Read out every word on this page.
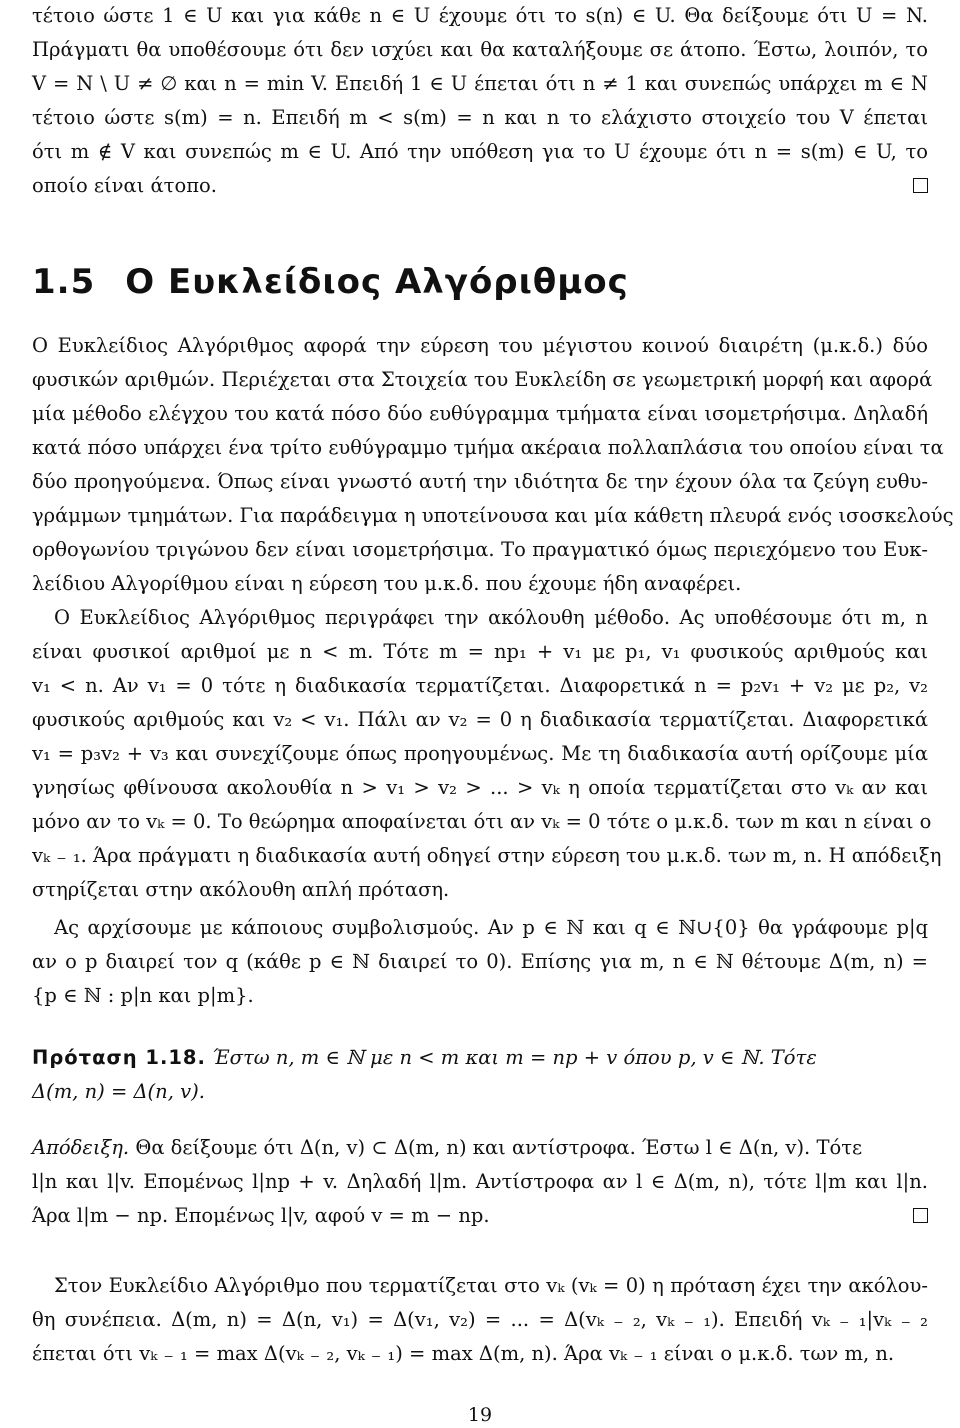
τέτοιο ώστε 1 ∈ U και για κάθε n ∈ U έχουμε ότι το s(n) ∈ U. Θα δείξουμε ότι U = N.
Πράγματι θα υποθέσουμε ότι δεν ισχύει και θα καταλήξουμε σε άτοπο. Έστω, λοιπόν, το
V = N \ U ≠ ∅ και n = min V. Επειδή 1 ∈ U έπεται ότι n ≠ 1 και συνεπώς υπάρχει m ∈ N
τέτοιο ώστε s(m) = n. Επειδή m < s(m) = n και n το ελάχιστο στοιχείο του V έπεται
ότι m ∉ V και συνεπώς m ∈ U. Από την υπόθεση για το U έχουμε ότι n = s(m) ∈ U, το
οποίο είναι άτοπο.
1.5 Ο Ευκλείδιος Αλγόριθμος
Ο Ευκλείδιος Αλγόριθμος αφορά την εύρεση του μέγιστου κοινού διαιρέτη (μ.κ.δ.) δύο
φυσικών αριθμών. Περιέχεται στα Στοιχεία του Ευκλείδη σε γεωμετρική μορφή και αφορά
μία μέθοδο ελέγχου του κατά πόσο δύο ευθύγραμμα τμήματα είναι ισομετρήσιμα. Δηλαδή
κατά πόσο υπάρχει ένα τρίτο ευθύγραμμο τμήμα ακέραια πολλαπλάσια του οποίου είναι τα
δύο προηγούμενα. Όπως είναι γνωστό αυτή την ιδιότητα δε την έχουν όλα τα ζεύγη ευθυ-
γράμμων τμημάτων. Για παράδειγμα η υποτείνουσα και μία κάθετη πλευρά ενός ισοσκελούς
ορθογωνίου τριγώνου δεν είναι ισομετρήσιμα. Το πραγματικό όμως περιεχόμενο του Ευκ-
λείδιου Αλγορίθμου είναι η εύρεση του μ.κ.δ. που έχουμε ήδη αναφέρει.
Ο Ευκλείδιος Αλγόριθμος περιγράφει την ακόλουθη μέθοδο. Ας υποθέσουμε ότι m, n
είναι φυσικοί αριθμοί με n < m. Τότε m = np₁ + v₁ με p₁, v₁ φυσικούς αριθμούς και
v₁ < n. Αν v₁ = 0 τότε η διαδικασία τερματίζεται. Διαφορετικά n = p₂v₁ + v₂ με p₂, v₂
φυσικούς αριθμούς και v₂ < v₁. Πάλι αν v₂ = 0 η διαδικασία τερματίζεται. Διαφορετικά
v₁ = p₃v₂ + v₃ και συνεχίζουμε όπως προηγουμένως. Με τη διαδικασία αυτή ορίζουμε μία
γνησίως φθίνουσα ακολουθία n > v₁ > v₂ > ... > vₖ η οποία τερματίζεται στο vₖ αν και
μόνο αν το vₖ = 0. Το θεώρημα αποφαίνεται ότι αν vₖ = 0 τότε ο μ.κ.δ. των m και n είναι ο
vₖ ₋ ₁. Άρα πράγματι η διαδικασία αυτή οδηγεί στην εύρεση του μ.κ.δ. των m, n. Η απόδειξη
στηρίζεται στην ακόλουθη απλή πρόταση.
Ας αρχίσουμε με κάποιους συμβολισμούς. Αν p ∈ ℕ και q ∈ ℕ∪{0} θα γράφουμε p|q
αν ο p διαιρεί τον q (κάθε p ∈ ℕ διαιρεί το 0). Επίσης για m, n ∈ ℕ θέτουμε Δ(m, n) =
{p ∈ ℕ : p|n και p|m}.
Πρόταση 1.18. Έστω n, m ∈ ℕ με n < m και m = np + v όπου p, v ∈ ℕ. Τότε
Δ(m, n) = Δ(n, v).
Απόδειξη. Θα δείξουμε ότι Δ(n, v) ⊂ Δ(m, n) και αντίστροφα. Έστω l ∈ Δ(n, v). Τότε
l|n και l|v. Επομένως l|np + v. Δηλαδή l|m. Αντίστροφα αν l ∈ Δ(m, n), τότε l|m και l|n.
Άρα l|m − np. Επομένως l|v, αφού v = m − np.
Στον Ευκλείδιο Αλγόριθμο που τερματίζεται στο vₖ (vₖ = 0) η πρόταση έχει την ακόλου-
θη συνέπεια. Δ(m, n) = Δ(n, v₁) = Δ(v₁, v₂) = ... = Δ(vₖ ₋ ₂, vₖ ₋ ₁). Επειδή vₖ ₋ ₁|vₖ ₋ ₂
έπεται ότι vₖ ₋ ₁ = max Δ(vₖ ₋ ₂, vₖ ₋ ₁) = max Δ(m, n). Άρα vₖ ₋ ₁ είναι ο μ.κ.δ. των m, n.
19
